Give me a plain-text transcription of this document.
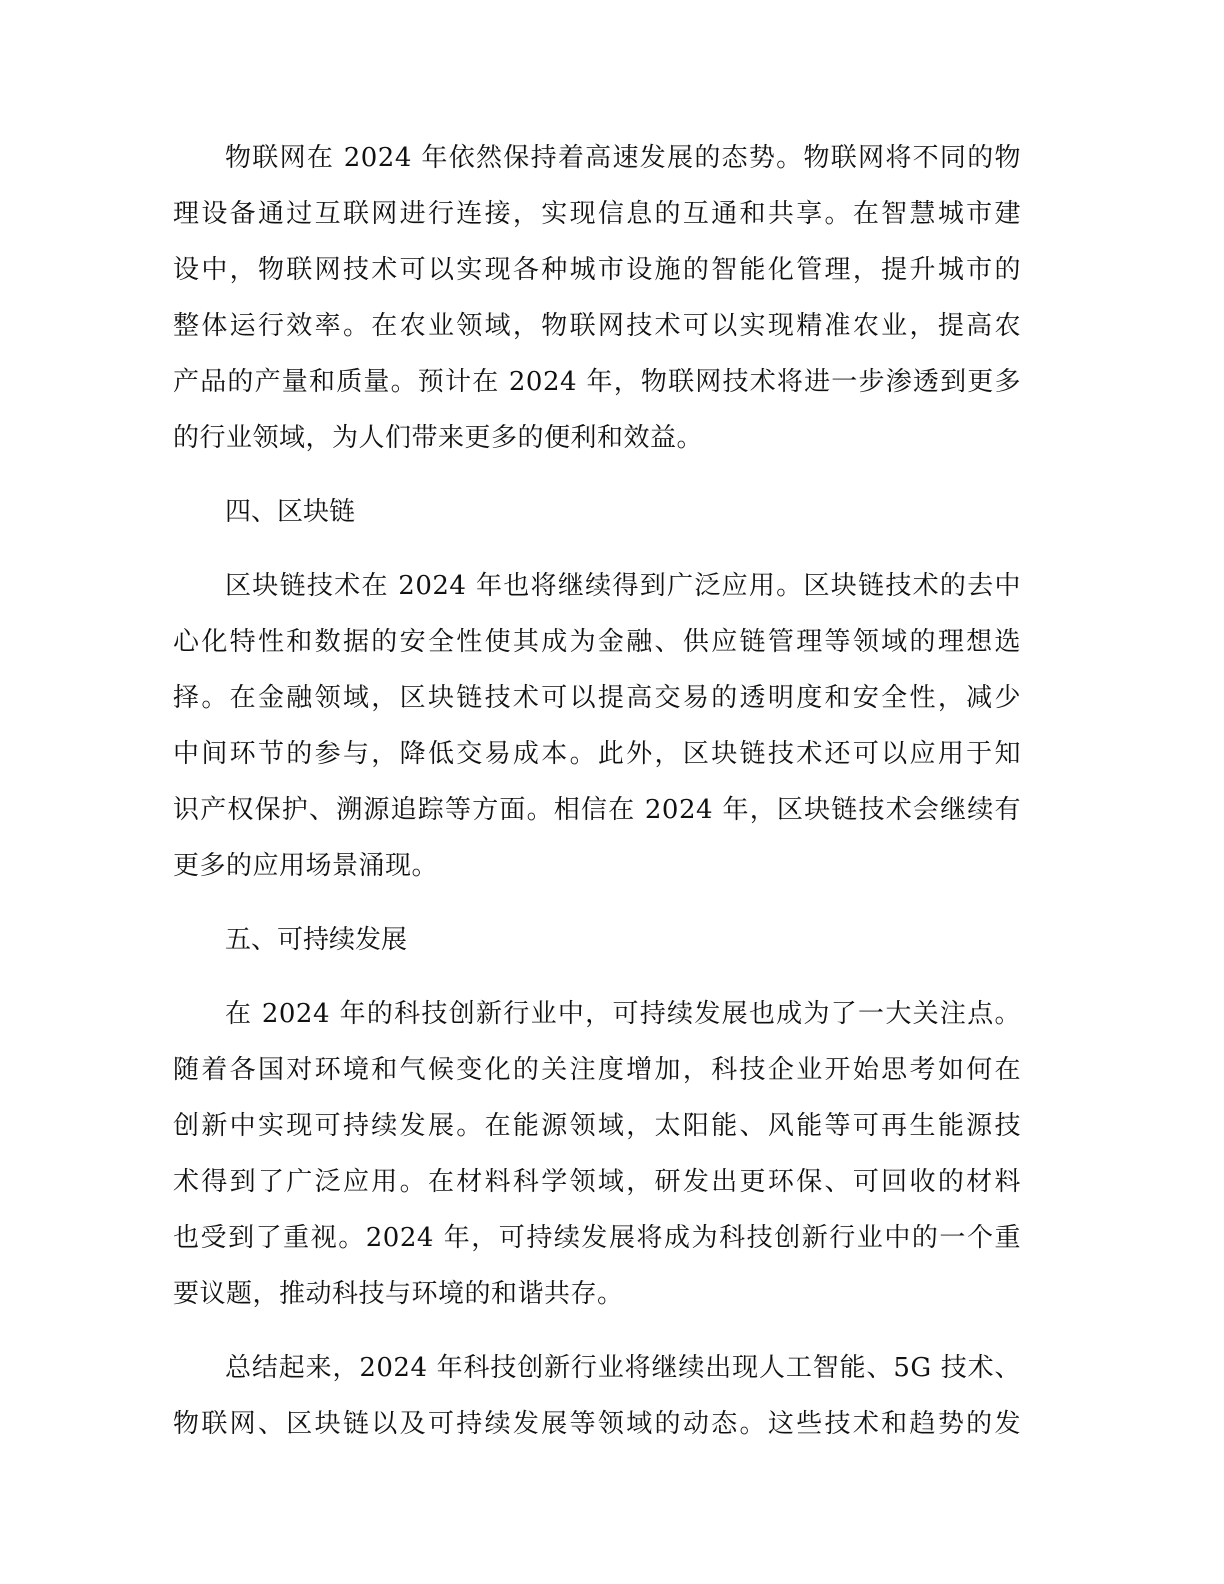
物联网在 2024 年依然保持着高速发展的态势。物联网将不同的物
理设备通过互联网进行连接，实现信息的互通和共享。在智慧城市建
设中，物联网技术可以实现各种城市设施的智能化管理，提升城市的
整体运行效率。在农业领域，物联网技术可以实现精准农业，提高农
产品的产量和质量。预计在 2024 年，物联网技术将进一步渗透到更多
的行业领域，为人们带来更多的便利和效益。
四、区块链
区块链技术在 2024 年也将继续得到广泛应用。区块链技术的去中
心化特性和数据的安全性使其成为金融、供应链管理等领域的理想选
择。在金融领域，区块链技术可以提高交易的透明度和安全性，减少
中间环节的参与，降低交易成本。此外，区块链技术还可以应用于知
识产权保护、溯源追踪等方面。相信在 2024 年，区块链技术会继续有
更多的应用场景涌现。
五、可持续发展
在 2024 年的科技创新行业中，可持续发展也成为了一大关注点。
随着各国对环境和气候变化的关注度增加，科技企业开始思考如何在
创新中实现可持续发展。在能源领域，太阳能、风能等可再生能源技
术得到了广泛应用。在材料科学领域，研发出更环保、可回收的材料
也受到了重视。2024 年，可持续发展将成为科技创新行业中的一个重
要议题，推动科技与环境的和谐共存。
总结起来，2024 年科技创新行业将继续出现人工智能、5G 技术、
物联网、区块链以及可持续发展等领域的动态。这些技术和趋势的发
